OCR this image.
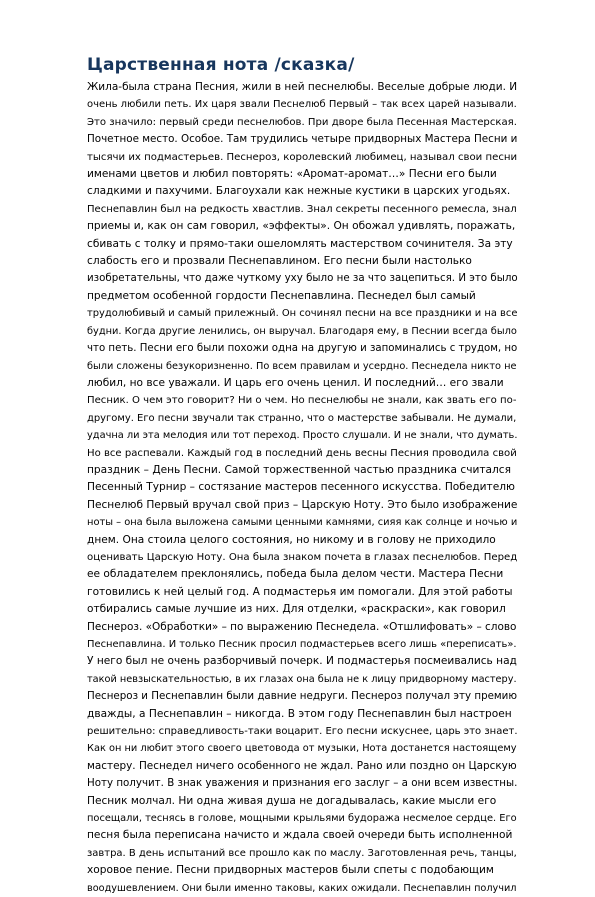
Царственная нота /сказка/
Жила-была страна Песния, жили в ней песнелюбы. Веселые добрые люди. И
очень любили петь. Их царя звали Песнелюб Первый – так всех царей называли.
Это значило: первый среди песнелюбов. При дворе была Песенная Мастерская.
Почетное место. Особое. Там трудились четыре придворных Мастера Песни и
тысячи их подмастерьев. Песнероз, королевский любимец, называл свои песни
именами цветов и любил повторять: «Аромат-аромат…» Песни его были
сладкими и пахучими. Благоухали как нежные кустики в царских угодьях.
Песнепавлин был на редкость хвастлив. Знал секреты песенного ремесла, знал
приемы и, как он сам говорил, «эффекты». Он обожал удивлять, поражать,
сбивать с толку и прямо-таки ошеломлять мастерством сочинителя. За эту
слабость его и прозвали Песнепавлином. Его песни были настолько
изобретательны, что даже чуткому уху было не за что зацепиться. И это было
предметом особенной гордости Песнепавлина. Песнедел был самый
трудолюбивый и самый прилежный. Он сочинял песни на все праздники и на все
будни. Когда другие ленились, он выручал. Благодаря ему, в Песнии всегда было
что петь. Песни его были похожи одна на другую и запоминались с трудом, но
были сложены безукоризненно. По всем правилам и усердно. Песнедела никто не
любил, но все уважали. И царь его очень ценил. И последний… его звали
Песник. О чем это говорит? Ни о чем. Но песнелюбы не знали, как звать его по-
другому. Его песни звучали так странно, что о мастерстве забывали. Не думали,
удачна ли эта мелодия или тот переход. Просто слушали. И не знали, что думать.
Но все распевали. Каждый год в последний день весны Песния проводила свой
праздник – День Песни. Самой торжественной частью праздника считался
Песенный Турнир – состязание мастеров песенного искусства. Победителю
Песнелюб Первый вручал свой приз – Царскую Ноту. Это было изображение
ноты – она была выложена самыми ценными камнями, сияя как солнце и ночью и
днем. Она стоила целого состояния, но никому и в голову не приходило
оценивать Царскую Ноту. Она была знаком почета в глазах песнелюбов. Перед
ее обладателем преклонялись, победа была делом чести. Мастера Песни
готовились к ней целый год. А подмастерья им помогали. Для этой работы
отбирались самые лучшие из них. Для отделки, «раскраски», как говорил
Песнероз. «Обработки» – по выражению Песнедела. «Отшлифовать» – слово
Песнепавлина. И только Песник просил подмастерьев всего лишь «переписать».
У него был не очень разборчивый почерк. И подмастерья посмеивались над
такой невзыскательностью, в их глазах она была не к лицу придворному мастеру.
Песнероз и Песнепавлин были давние недруги. Песнероз получал эту премию
дважды, а Песнепавлин – никогда. В этом году Песнепавлин был настроен
решительно: справедливость-таки воцарит. Его песни искуснее, царь это знает.
Как он ни любит этого своего цветовода от музыки, Нота достанется настоящему
мастеру. Песнедел ничего особенного не ждал. Рано или поздно он Царскую
Ноту получит. В знак уважения и признания его заслуг – а они всем известны.
Песник молчал. Ни одна живая душа не догадывалась, какие мысли его
посещали, теснясь в голове, мощными крыльями будоража несмелое сердце. Его
песня была переписана начисто и ждала своей очереди быть исполненной
завтра. В день испытаний все прошло как по маслу. Заготовленная речь, танцы,
хоровое пение. Песни придворных мастеров были спеты с подобающим
воодушевлением. Они были именно таковы, каких ожидали. Песнепавлин получил
